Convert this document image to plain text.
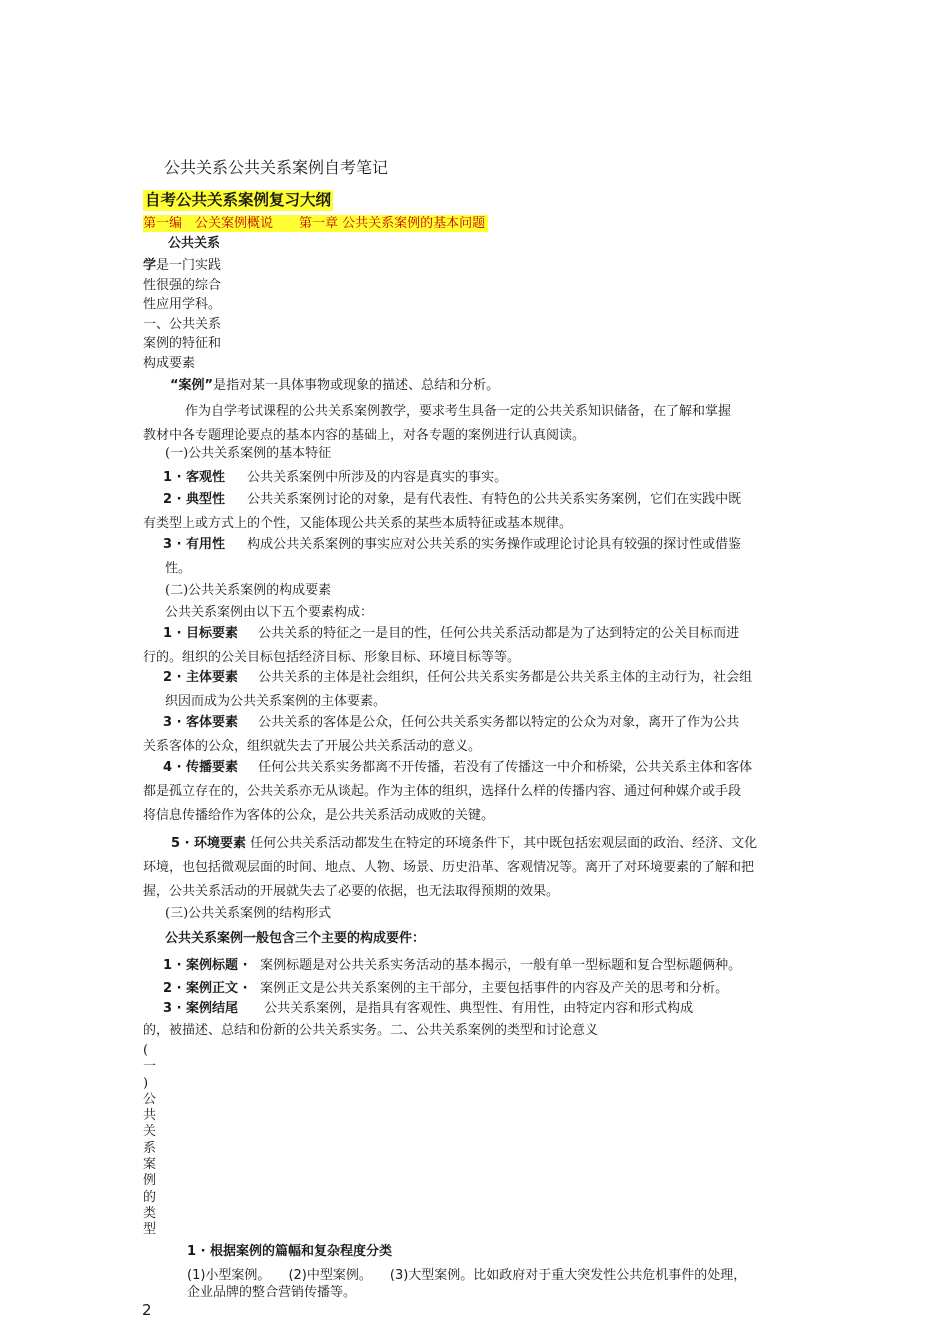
公共关系公共关系案例自考笔记
自考公共关系案例复习大纲
第一编　公关案例概说　　第一章 公共关系案例的基本问题
公共关系
学是一门实践
性很强的综合
性应用学科。
一、公共关系
案例的特征和
构成要素
“案例”是指对某一具体事物或现象的描述、总结和分析。
作为自学考试课程的公共关系案例教学，要求考生具备一定的公共关系知识储备，在了解和掌握
教材中各专题理论要点的基本内容的基础上，对各专题的案例进行认真阅读。
(一)公共关系案例的基本特征
1 · 客观性 公共关系案例中所涉及的内容是真实的事实。
2 · 典型性 公共关系案例讨论的对象，是有代表性、有特色的公共关系实务案例，它们在实践中既
有类型上或方式上的个性，又能体现公共关系的某些本质特征或基本规律。
3 · 有用性 构成公共关系案例的事实应对公共关系的实务操作或理论讨论具有较强的探讨性或借鉴
性。
(二)公共关系案例的构成要素
公共关系案例由以下五个要素构成：
1 · 目标要素 公共关系的特征之一是目的性，任何公共关系活动都是为了达到特定的公关目标而进
行的。组织的公关目标包括经济目标、形象目标、环境目标等等。
2 · 主体要素 公共关系的主体是社会组织，任何公共关系实务都是公共关系主体的主动行为，社会组
织因而成为公共关系案例的主体要素。
3 · 客体要素 公共关系的客体是公众，任何公共关系实务都以特定的公众为对象，离开了作为公共
关系客体的公众，组织就失去了开展公共关系活动的意义。
4 · 传播要素 任何公共关系实务都离不开传播，若没有了传播这一中介和桥梁，公共关系主体和客体
都是孤立存在的，公共关系亦无从谈起。作为主体的组织，选择什么样的传播内容、通过何种媒介或手段
将信息传播给作为客体的公众，是公共关系活动成败的关键。
5 · 环境要素 任何公共关系活动都发生在特定的环境条件下，其中既包括宏观层面的政治、经济、文化
环境，也包括微观层面的时间、地点、人物、场景、历史沿革、客观情况等。离开了对环境要素的了解和把
握，公共关系活动的开展就失去了必要的依据，也无法取得预期的效果。
(三)公共关系案例的结构形式
公共关系案例一般包含三个主要的构成要件：
1 · 案例标题 · 案例标题是对公共关系实务活动的基本揭示，一般有单一型标题和复合型标题俩种。
2 · 案例正文 · 案例正文是公共关系案例的主干部分，主要包括事件的内容及产关的思考和分析。
3 · 案例结尾 公共关系案例，是指具有客观性、典型性、有用性，由特定内容和形式构成
的，被描述、总结和份新的公共关系实务。二、公共关系案例的类型和讨论意义
(
一
)
公
共
关
系
案
例
的
类
型
1 · 根据案例的篇幅和复杂程度分类
(1)小型案例。 (2)中型案例。 (3)大型案例。比如政府对于重大突发性公共危机事件的处理，
企业品牌的整合营销传播等。
2
